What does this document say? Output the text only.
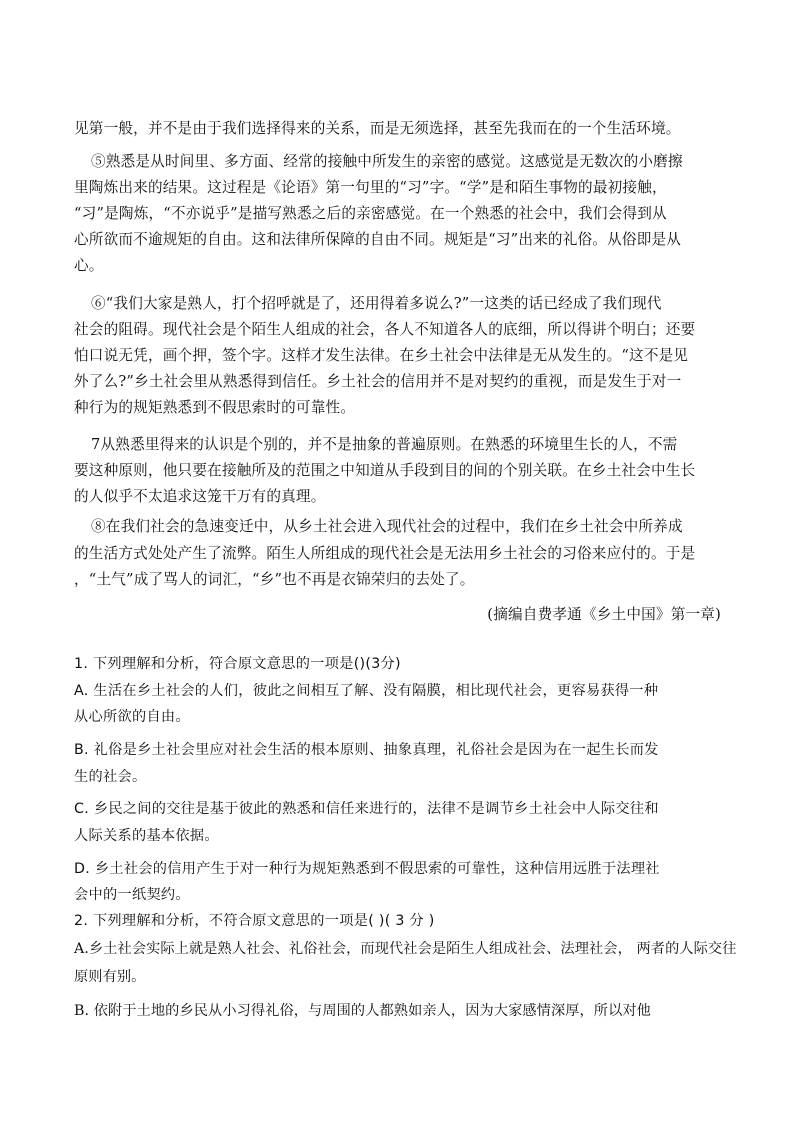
见第一般，并不是由于我们选择得来的关系，而是无须选择，甚至先我而在的一个生活环境。
⑤熟悉是从时间里、多方面、经常的接触中所发生的亲密的感觉。这感觉是无数次的小磨擦
里陶炼出来的结果。这过程是《论语》第一句里的“习”字。“学”是和陌生事物的最初接触，
“习”是陶炼，“不亦说乎”是描写熟悉之后的亲密感觉。在一个熟悉的社会中，我们会得到从
心所欲而不逾规矩的自由。这和法律所保障的自由不同。规矩是“习”出来的礼俗。从俗即是从
心。
⑥“我们大家是熟人，打个招呼就是了，还用得着多说么?”一这类的话已经成了我们现代
社会的阻碍。现代社会是个陌生人组成的社会，各人不知道各人的底细，所以得讲个明白；还要
怕口说无凭，画个押，签个字。这样才发生法律。在乡土社会中法律是无从发生的。“这不是见
外了么?”乡土社会里从熟悉得到信任。乡土社会的信用并不是对契约的重视，而是发生于对一
种行为的规矩熟悉到不假思索时的可靠性。
7从熟悉里得来的认识是个别的，并不是抽象的普遍原则。在熟悉的环境里生长的人，不需
要这种原则，他只要在接触所及的范围之中知道从手段到目的间的个别关联。在乡土社会中生长
的人似乎不太追求这笼干万有的真理。
⑧在我们社会的急速变迁中，从乡土社会进入现代社会的过程中，我们在乡土社会中所养成
的生活方式处处产生了流弊。陌生人所组成的现代社会是无法用乡土社会的习俗来应付的。于是
，“土气”成了骂人的词汇，“乡”也不再是衣锦荣归的去处了。
(摘编自费孝通《乡土中国》第一章)
1. 下列理解和分析，符合原文意思的一项是()(3分)
A. 生活在乡土社会的人们，彼此之间相互了解、没有隔膜，相比现代社会，更容易获得一种
从心所欲的自由。
B. 礼俗是乡土社会里应对社会生活的根本原则、抽象真理，礼俗社会是因为在一起生长而发
生的社会。
C. 乡民之间的交往是基于彼此的熟悉和信任来进行的，法律不是调节乡土社会中人际交往和
人际关系的基本依据。
D. 乡土社会的信用产生于对一种行为规矩熟悉到不假思索的可靠性，这种信用远胜于法理社
会中的一纸契约。
2. 下列理解和分析，不符合原文意思的一项是( )( 3 分 )
A.乡土社会实际上就是熟人社会、礼俗社会，而现代社会是陌生人组成社会、法理社会， 两者的人际交往
原则有别。
B. 依附于土地的乡民从小习得礼俗，与周围的人都熟如亲人，因为大家感情深厚，所以对他
